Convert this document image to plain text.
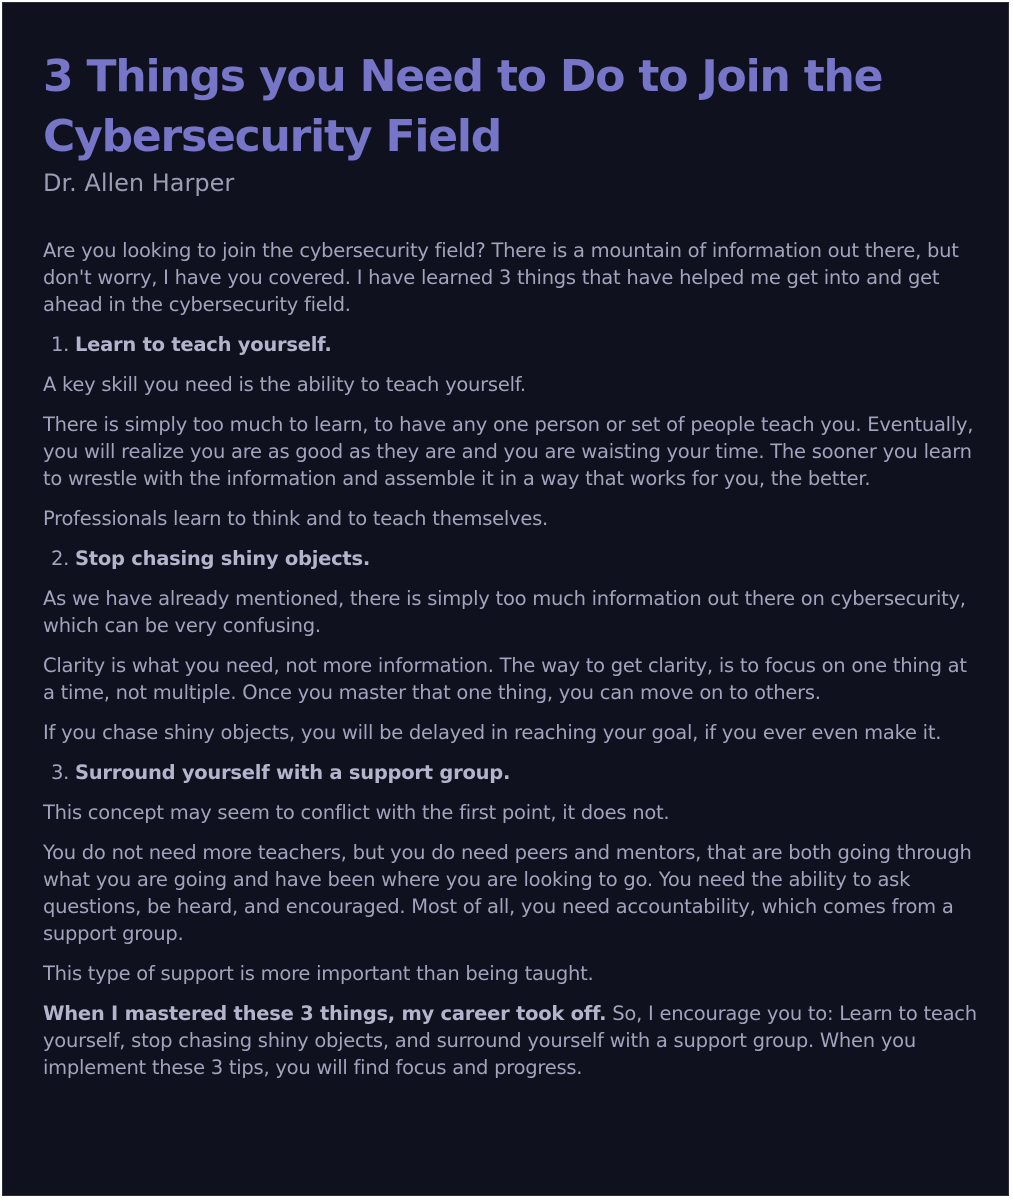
3 Things you Need to Do to Join the Cybersecurity Field

Dr. Allen Harper

Are you looking to join the cybersecurity field? There is a mountain of information out there, but don't worry, I have you covered. I have learned 3 things that have helped me get into and get ahead in the cybersecurity field.

1. Learn to teach yourself.

A key skill you need is the ability to teach yourself.

There is simply too much to learn, to have any one person or set of people teach you. Eventually, you will realize you are as good as they are and you are waisting your time. The sooner you learn to wrestle with the information and assemble it in a way that works for you, the better.

Professionals learn to think and to teach themselves.

2. Stop chasing shiny objects.

As we have already mentioned, there is simply too much information out there on cybersecurity, which can be very confusing.

Clarity is what you need, not more information. The way to get clarity, is to focus on one thing at a time, not multiple. Once you master that one thing, you can move on to others.

If you chase shiny objects, you will be delayed in reaching your goal, if you ever even make it.

3. Surround yourself with a support group.

This concept may seem to conflict with the first point, it does not.

You do not need more teachers, but you do need peers and mentors, that are both going through what you are going and have been where you are looking to go. You need the ability to ask questions, be heard, and encouraged. Most of all, you need accountability, which comes from a support group.

This type of support is more important than being taught.

When I mastered these 3 things, my career took off. So, I encourage you to: Learn to teach yourself, stop chasing shiny objects, and surround yourself with a support group. When you implement these 3 tips, you will find focus and progress.
